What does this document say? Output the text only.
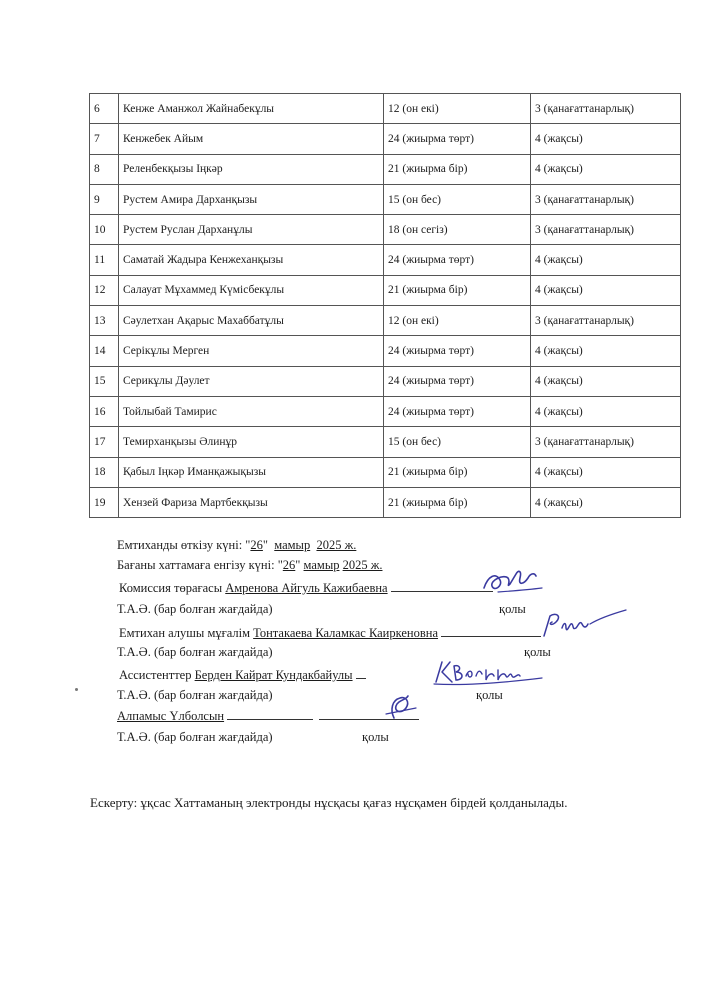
6	Кенже Аманжол Жайнабекұлы	12 (он екі)	3 (қанағаттанарлық)
7	Кенжебек Айым	24 (жиырма төрт)	4 (жақсы)
8	Реленбекқызы Іңкәр	21 (жиырма бір)	4 (жақсы)
9	Рустем Амира Дарханқызы	15 (он бес)	3 (қанағаттанарлық)
10	Рустем Руслан Дарханұлы	18 (он сегіз)	3 (қанағаттанарлық)
11	Саматай Жадыра Кенжеханқызы	24 (жиырма төрт)	4 (жақсы)
12	Салауат Мұхаммед Күмісбекұлы	21 (жиырма бір)	4 (жақсы)
13	Сәулетхан Ақарыс Махаббатұлы	12 (он екі)	3 (қанағаттанарлық)
14	Серікұлы Мерген	24 (жиырма төрт)	4 (жақсы)
15	Серикұлы Дәулет	24 (жиырма төрт)	4 (жақсы)
16	Тойлыбай Тамирис	24 (жиырма төрт)	4 (жақсы)
17	Темирханқызы Әлинұр	15 (он бес)	3 (қанағаттанарлық)
18	Қабыл Іңкәр Иманқажықызы	21 (жиырма бір)	4 (жақсы)
19	Хензей Фариза Мартбекқызы	21 (жиырма бір)	4 (жақсы)
Емтиханды өткізу күні: "26" мамыр 2025 ж.
Бағаны хаттамаға енгізу күні: "26" мамыр 2025 ж.
Комиссия төрағасы Амренова Айгуль Кажибаевна
Т.А.Ә. (бар болған жағдайда)	қолы
Емтихан алушы мұғалім Тонтакаева Каламкас Каиркеновна
Т.А.Ә. (бар болған жағдайда)	қолы
Ассистенттер Берден Кайрат Кундакбайулы
Т.А.Ә. (бар болған жағдайда)	қолы
Алпамыс Үлболсын
Т.А.Ә. (бар болған жағдайда)	қолы
Ескерту: ұқсас Хаттаманың электронды нұсқасы қағаз нұсқамен бірдей қолданылады.
